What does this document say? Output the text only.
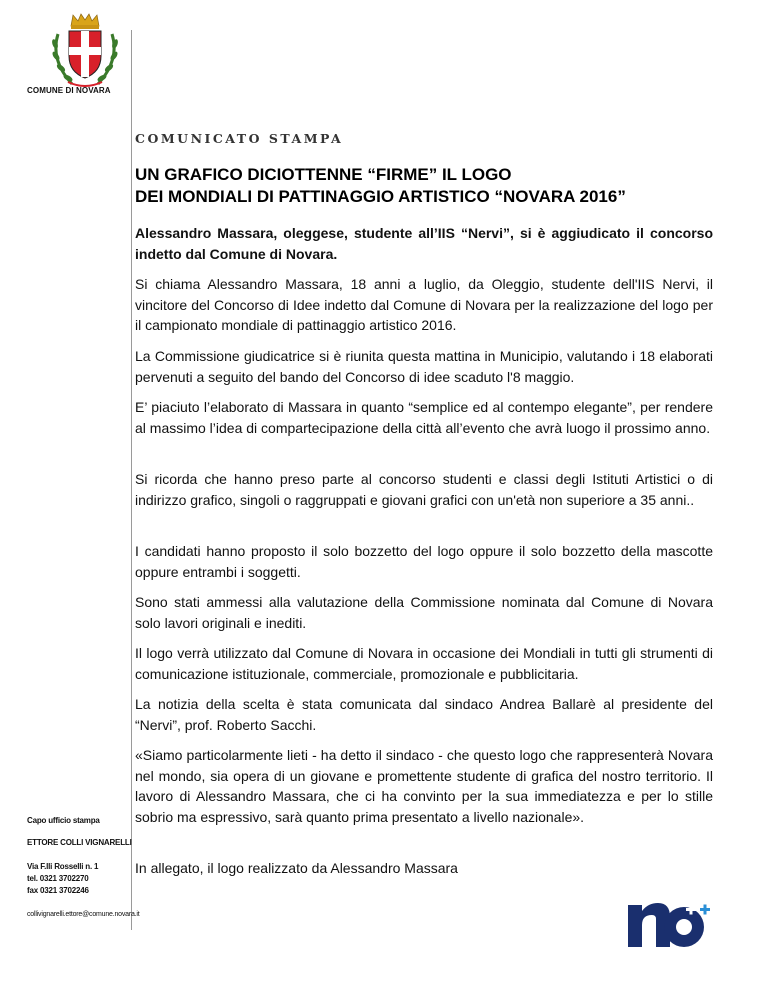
COMUNE DI NOVARA
COMUNICATO STAMPA
UN GRAFICO DICIOTTENNE “FIRME” IL LOGO
DEI MONDIALI DI PATTINAGGIO ARTISTICO “NOVARA 2016”
Alessandro Massara, oleggese, studente all’IIS “Nervi”, si è aggiudicato il concorso indetto dal Comune di Novara.
Si chiama Alessandro Massara, 18 anni a luglio, da Oleggio, studente dell'IIS Nervi, il vincitore del Concorso di Idee indetto dal Comune di Novara per la realizzazione del logo per il campionato mondiale di pattinaggio artistico 2016.
La Commissione giudicatrice si è riunita questa mattina in Municipio, valutando i 18 elaborati pervenuti a seguito del bando del Concorso di idee scaduto l'8 maggio.
E’ piaciuto l’elaborato di Massara in quanto “semplice ed al contempo elegante”, per rendere al massimo l’idea di compartecipazione della città all’evento che avrà luogo il prossimo anno.
Si ricorda che hanno preso parte al concorso studenti e classi degli Istituti Artistici o di indirizzo grafico, singoli o raggruppati e giovani grafici con un'età non superiore a 35 anni..
I candidati hanno proposto il solo bozzetto del logo oppure il solo bozzetto della mascotte oppure entrambi i soggetti.
Sono stati ammessi alla valutazione della Commissione nominata dal Comune di Novara solo lavori originali e inediti.
Il logo verrà utilizzato dal Comune di Novara in occasione dei Mondiali in tutti gli strumenti di comunicazione istituzionale, commerciale, promozionale e pubblicitaria.
La notizia della scelta è stata comunicata dal sindaco Andrea Ballarè al presidente del “Nervi”, prof. Roberto Sacchi.
«Siamo particolarmente lieti - ha detto il sindaco - che questo logo che rappresenterà Novara nel mondo, sia opera di un giovane e promettente studente di grafica del nostro territorio. Il lavoro di Alessandro Massara, che ci ha convinto per la sua immediatezza e per lo stille sobrio ma espressivo, sarà quanto prima presentato a livello nazionale».
In allegato, il logo realizzato da Alessandro Massara
Capo ufficio stampa
ETTORE COLLI VIGNARELLI
Via F.lli Rosselli n. 1
tel. 0321 3702270
fax 0321 3702246
collivignarelli.ettore@comune.novara.it
